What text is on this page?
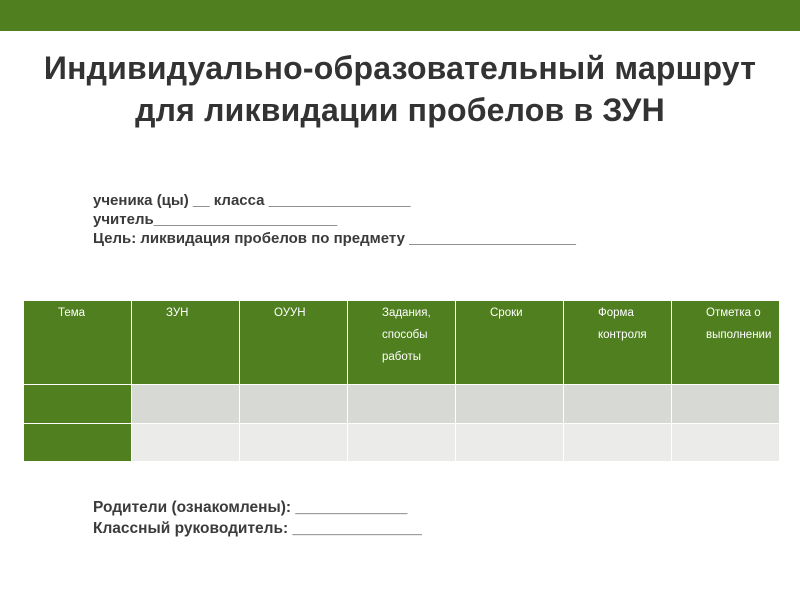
Индивидуально-образовательный маршрут для ликвидации пробелов в ЗУН
ученика (цы) __ класса _________________
учитель______________________
Цель: ликвидация пробелов по предмету ____________________
Тема	ЗУН	ОУУН	Задания, способы работы	Сроки	Форма контроля	Отметка о выполнении

Родители (ознакомлены): _____________
Классный руководитель: _______________
